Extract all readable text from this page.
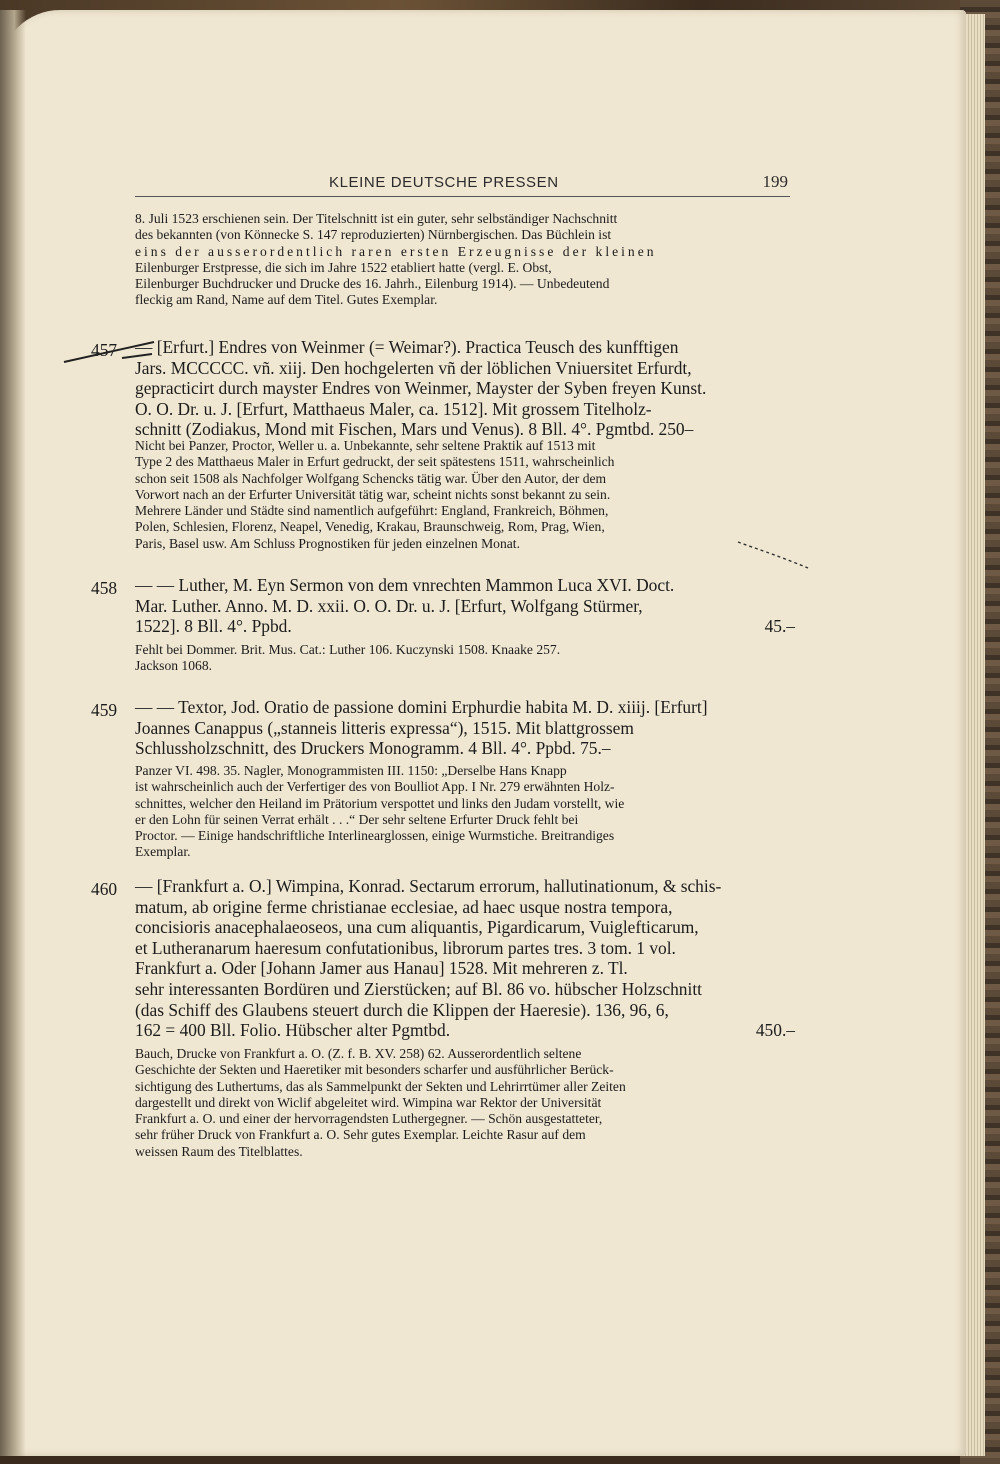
KLEINE DEUTSCHE PRESSEN	199
8. Juli 1523 erschienen sein. Der Titelschnitt ist ein guter, sehr selbständiger Nachschnitt
des bekannten (von Könnecke S. 147 reproduzierten) Nürnbergischen. Das Büchlein ist
eins der ausserordentlich raren ersten Erzeugnisse der kleinen
Eilenburger Erstpresse, die sich im Jahre 1522 etabliert hatte (vergl. E. Obst,
Eilenburger Buchdrucker und Drucke des 16. Jahrh., Eilenburg 1914). — Unbedeutend
fleckig am Rand, Name auf dem Titel. Gutes Exemplar.
457 — [Erfurt.] Endres von Weinmer (= Weimar?). Practica Teusch des kunfftigen
Jars. MCCCCC. vñ. xiij. Den hochgelerten vñ der löblichen Vniuersitet Erfurdt,
gepracticirt durch mayster Endres von Weinmer, Mayster der Syben freyen Kunst.
O. O. Dr. u. J. [Erfurt, Matthaeus Maler, ca. 1512]. Mit grossem Titelholz-
schnitt (Zodiakus, Mond mit Fischen, Mars und Venus). 8 Bll. 4°. Pgmtbd. 250–
Nicht bei Panzer, Proctor, Weller u. a. Unbekannte, sehr seltene Praktik auf 1513 mit
Type 2 des Matthaeus Maler in Erfurt gedruckt, der seit spätestens 1511, wahrscheinlich
schon seit 1508 als Nachfolger Wolfgang Schencks tätig war. Über den Autor, der dem
Vorwort nach an der Erfurter Universität tätig war, scheint nichts sonst bekannt zu sein.
Mehrere Länder und Städte sind namentlich aufgeführt: England, Frankreich, Böhmen,
Polen, Schlesien, Florenz, Neapel, Venedig, Krakau, Braunschweig, Rom, Prag, Wien,
Paris, Basel usw. Am Schluss Prognostiken für jeden einzelnen Monat.
458 — — Luther, M. Eyn Sermon von dem vnrechten Mammon Luca XVI. Doct.
Mar. Luther. Anno. M. D. xxii. O. O. Dr. u. J. [Erfurt, Wolfgang Stürmer,
1522]. 8 Bll. 4°. Ppbd.	45.–
Fehlt bei Dommer. Brit. Mus. Cat.: Luther 106. Kuczynski 1508. Knaake 257.
Jackson 1068.
459 — — Textor, Jod. Oratio de passione domini Erphurdie habita M. D. xiiij. [Erfurt]
Joannes Canappus („stanneis litteris expressa“), 1515. Mit blattgrossem
Schlussholzschnitt, des Druckers Monogramm. 4 Bll. 4°. Ppbd. 75.–
Panzer VI. 498. 35. Nagler, Monogrammisten III. 1150: „Derselbe Hans Knapp
ist wahrscheinlich auch der Verfertiger des von Boulliot App. I Nr. 279 erwähnten Holz-
schnittes, welcher den Heiland im Prätorium verspottet und links den Judam vorstellt, wie
er den Lohn für seinen Verrat erhält . . .“ Der sehr seltene Erfurter Druck fehlt bei
Proctor. — Einige handschriftliche Interlinearglossen, einige Wurmstiche. Breitrandiges
Exemplar.
460 — [Frankfurt a. O.] Wimpina, Konrad. Sectarum errorum, hallutinationum, & schis-
matum, ab origine ferme christianae ecclesiae, ad haec usque nostra tempora,
concisioris anacephalaeoseos, una cum aliquantis, Pigardicarum, Vuiglefticarum,
et Lutheranarum haeresum confutationibus, librorum partes tres. 3 tom. 1 vol.
Frankfurt a. Oder [Johann Jamer aus Hanau] 1528. Mit mehreren z. Tl.
sehr interessanten Bordüren und Zierstücken; auf Bl. 86 vo. hübscher Holzschnitt
(das Schiff des Glaubens steuert durch die Klippen der Haeresie). 136, 96, 6,
162 = 400 Bll. Folio. Hübscher alter Pgmtbd.	450.–
Bauch, Drucke von Frankfurt a. O. (Z. f. B. XV. 258) 62. Ausserordentlich seltene
Geschichte der Sekten und Haeretiker mit besonders scharfer und ausführlicher Berück-
sichtigung des Luthertums, das als Sammelpunkt der Sekten und Lehrirrtümer aller Zeiten
dargestellt und direkt von Wiclif abgeleitet wird. Wimpina war Rektor der Universität
Frankfurt a. O. und einer der hervorragendsten Luthergegner. — Schön ausgestatteter,
sehr früher Druck von Frankfurt a. O. Sehr gutes Exemplar. Leichte Rasur auf dem
weissen Raum des Titelblattes.
